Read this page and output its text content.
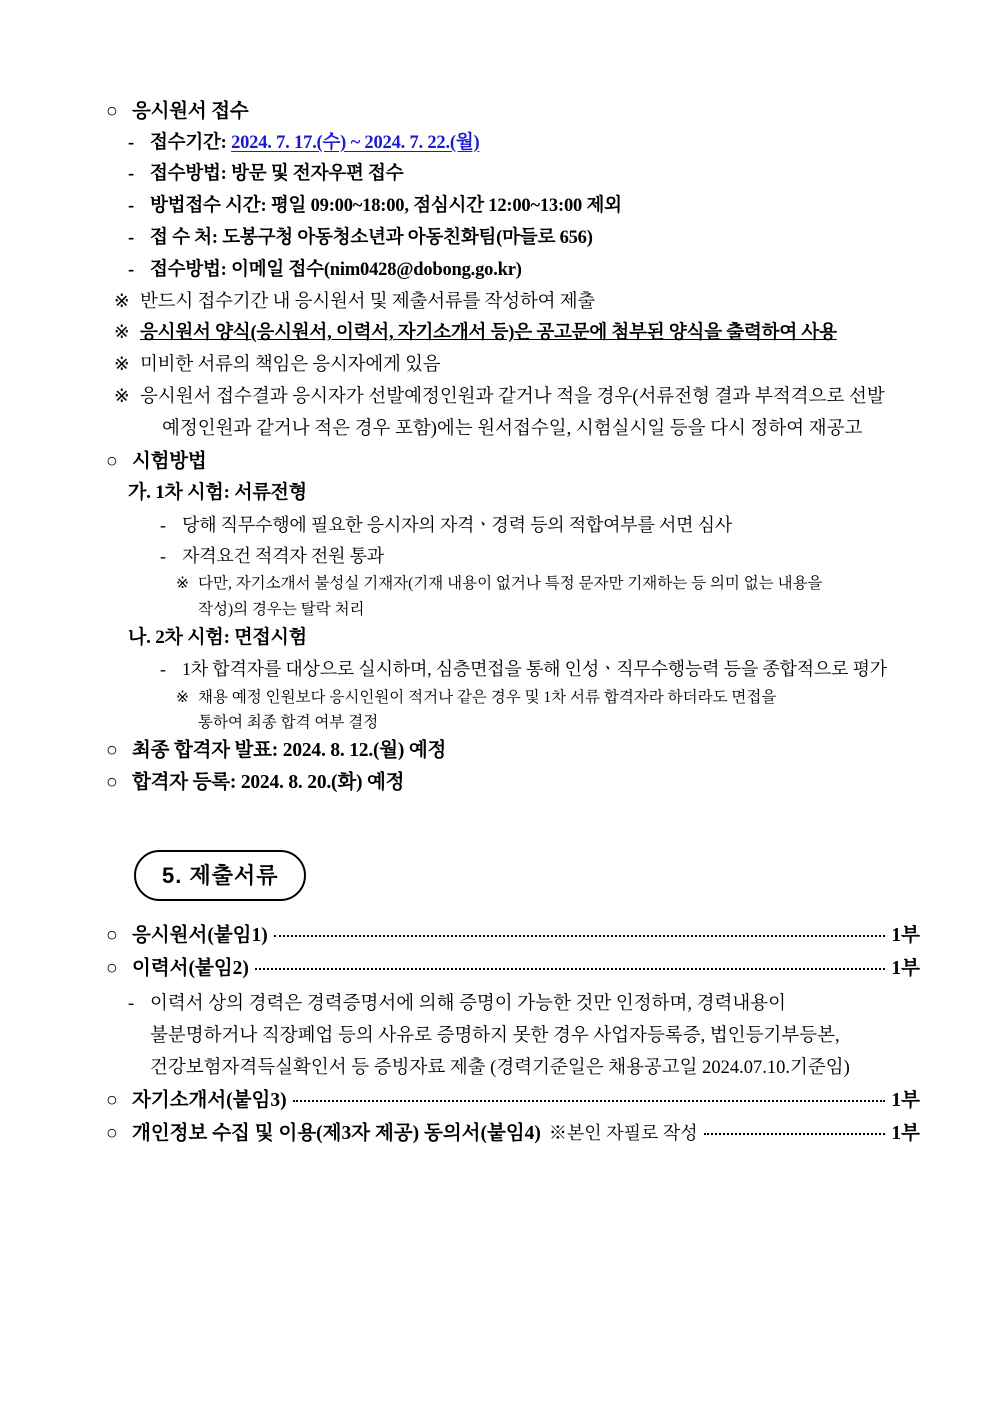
○ 응시원서 접수
- 접수기간: 2024. 7. 17.(수) ~ 2024. 7. 22.(월)
- 접수방법: 방문 및 전자우편 접수
- 방법접수 시간: 평일 09:00~18:00, 점심시간 12:00~13:00 제외
- 접 수 처: 도봉구청 아동청소년과 아동친화팀(마들로 656)
- 접수방법: 이메일 접수(nim0428@dobong.go.kr)
※ 반드시 접수기간 내 응시원서 및 제출서류를 작성하여 제출
※ 응시원서 양식(응시원서, 이력서, 자기소개서 등)은 공고문에 첨부된 양식을 출력하여 사용
※ 미비한 서류의 책임은 응시자에게 있음
※ 응시원서 접수결과 응시자가 선발예정인원과 같거나 적을 경우(서류전형 결과 부적격으로 선발
예정인원과 같거나 적은 경우 포함)에는 원서접수일, 시험실시일 등을 다시 정하여 재공고
○ 시험방법
가. 1차 시험: 서류전형
- 당해 직무수행에 필요한 응시자의 자격ㆍ경력 등의 적합여부를 서면 심사
- 자격요건 적격자 전원 통과
※ 다만, 자기소개서 불성실 기재자(기재 내용이 없거나 특정 문자만 기재하는 등 의미 없는 내용을
작성)의 경우는 탈락 처리
나. 2차 시험: 면접시험
- 1차 합격자를 대상으로 실시하며, 심층면접을 통해 인성ㆍ직무수행능력 등을 종합적으로 평가
※ 채용 예정 인원보다 응시인원이 적거나 같은 경우 및 1차 서류 합격자라 하더라도 면접을
통하여 최종 합격 여부 결정
○ 최종 합격자 발표: 2024. 8. 12.(월) 예정
○ 합격자 등록: 2024. 8. 20.(화) 예정
5. 제출서류
○ 응시원서(붙임1)	1부
○ 이력서(붙임2)	1부
- 이력서 상의 경력은 경력증명서에 의해 증명이 가능한 것만 인정하며, 경력내용이
불분명하거나 직장폐업 등의 사유로 증명하지 못한 경우 사업자등록증, 법인등기부등본,
건강보험자격득실확인서 등 증빙자료 제출 (경력기준일은 채용공고일 2024.07.10.기준임)
○ 자기소개서(붙임3)	1부
○ 개인정보 수집 및 이용(제3자 제공) 동의서(붙임4) ※본인 자필로 작성	1부
